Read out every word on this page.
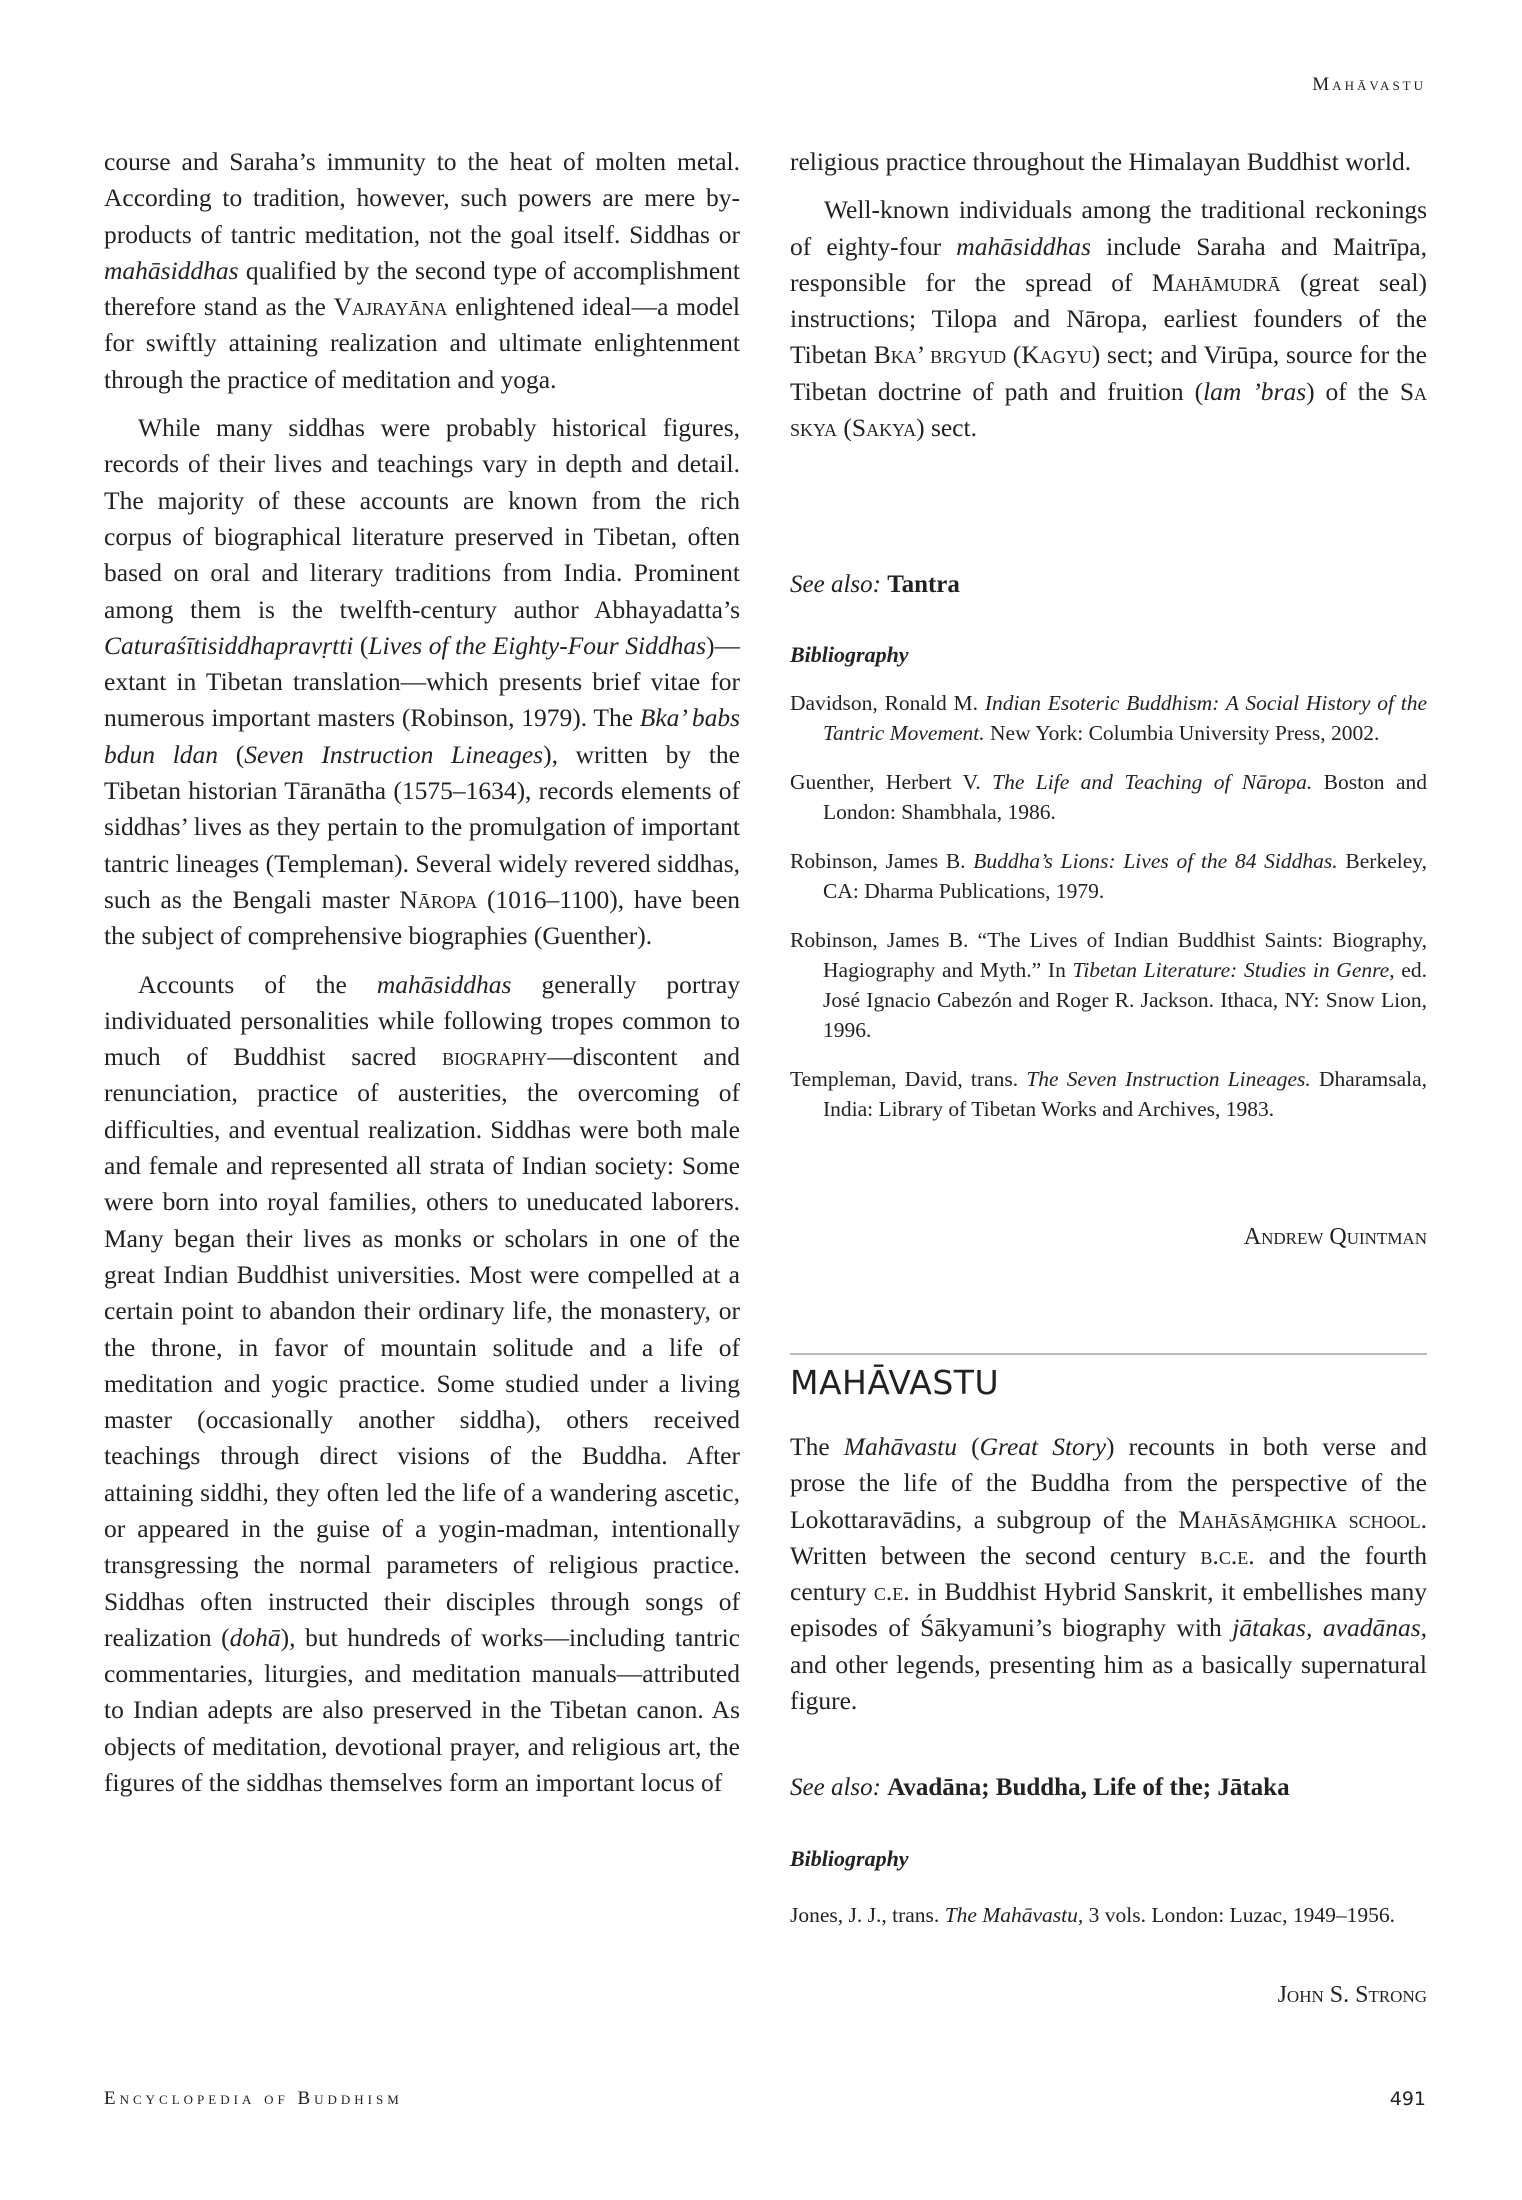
Mahāvastu

course and Saraha’s immunity to the heat of molten metal. According to tradition, however, such powers are mere by-products of tantric meditation, not the goal itself. Siddhas or mahāsiddhas qualified by the second type of accomplishment therefore stand as the Vajrayāna enlightened ideal—a model for swiftly attaining realization and ultimate enlightenment through the practice of meditation and yoga.

While many siddhas were probably historical figures, records of their lives and teachings vary in depth and detail. The majority of these accounts are known from the rich corpus of biographical literature preserved in Tibetan, often based on oral and literary traditions from India. Prominent among them is the twelfth-century author Abhayadatta’s Caturaśītisiddhapravṛtti (Lives of the Eighty-Four Siddhas)—extant in Tibetan translation—which presents brief vitae for numerous important masters (Robinson, 1979). The Bka’ babs bdun ldan (Seven Instruction Lineages), written by the Tibetan historian Tāranātha (1575–1634), records elements of siddhas’ lives as they pertain to the promulgation of important tantric lineages (Templeman). Several widely revered siddhas, such as the Bengali master Nāropa (1016–1100), have been the subject of comprehensive biographies (Guenther).

Accounts of the mahāsiddhas generally portray individuated personalities while following tropes common to much of Buddhist sacred biography—discontent and renunciation, practice of austerities, the overcoming of difficulties, and eventual realization. Siddhas were both male and female and represented all strata of Indian society: Some were born into royal families, others to uneducated laborers. Many began their lives as monks or scholars in one of the great Indian Buddhist universities. Most were compelled at a certain point to abandon their ordinary life, the monastery, or the throne, in favor of mountain solitude and a life of meditation and yogic practice. Some studied under a living master (occasionally another siddha), others received teachings through direct visions of the Buddha. After attaining siddhi, they often led the life of a wandering ascetic, or appeared in the guise of a yogin-madman, intentionally transgressing the normal parameters of religious practice. Siddhas often instructed their disciples through songs of realization (dohā), but hundreds of works—including tantric commentaries, liturgies, and meditation manuals—attributed to Indian adepts are also preserved in the Tibetan canon. As objects of meditation, devotional prayer, and religious art, the figures of the siddhas themselves form an important locus of

religious practice throughout the Himalayan Buddhist world.

Well-known individuals among the traditional reckonings of eighty-four mahāsiddhas include Saraha and Maitrīpa, responsible for the spread of Mahāmudrā (great seal) instructions; Tilopa and Nāropa, earliest founders of the Tibetan Bka’ brgyud (Kagyu) sect; and Virūpa, source for the Tibetan doctrine of path and fruition (lam ’bras) of the Sa skya (Sakya) sect.

See also: Tantra
Bibliography
Davidson, Ronald M. Indian Esoteric Buddhism: A Social History of the Tantric Movement. New York: Columbia University Press, 2002.
Guenther, Herbert V. The Life and Teaching of Nāropa. Boston and London: Shambhala, 1986.
Robinson, James B. Buddha’s Lions: Lives of the 84 Siddhas. Berkeley, CA: Dharma Publications, 1979.
Robinson, James B. “The Lives of Indian Buddhist Saints: Biography, Hagiography and Myth.” In Tibetan Literature: Studies in Genre, ed. José Ignacio Cabezón and Roger R. Jackson. Ithaca, NY: Snow Lion, 1996.
Templeman, David, trans. The Seven Instruction Lineages. Dharamsala, India: Library of Tibetan Works and Archives, 1983.
Andrew Quintman
MAHĀVASTU
The Mahāvastu (Great Story) recounts in both verse and prose the life of the Buddha from the perspective of the Lokottaravādins, a subgroup of the Mahāsāṃghika school. Written between the second century b.c.e. and the fourth century c.e. in Buddhist Hybrid Sanskrit, it embellishes many episodes of Śākyamuni’s biography with jātakas, avadānas, and other legends, presenting him as a basically supernatural figure.
See also: Avadāna; Buddha, Life of the; Jātaka
Bibliography
Jones, J. J., trans. The Mahāvastu, 3 vols. London: Luzac, 1949–1956.
John S. Strong
Encyclopedia of Buddhism	491
